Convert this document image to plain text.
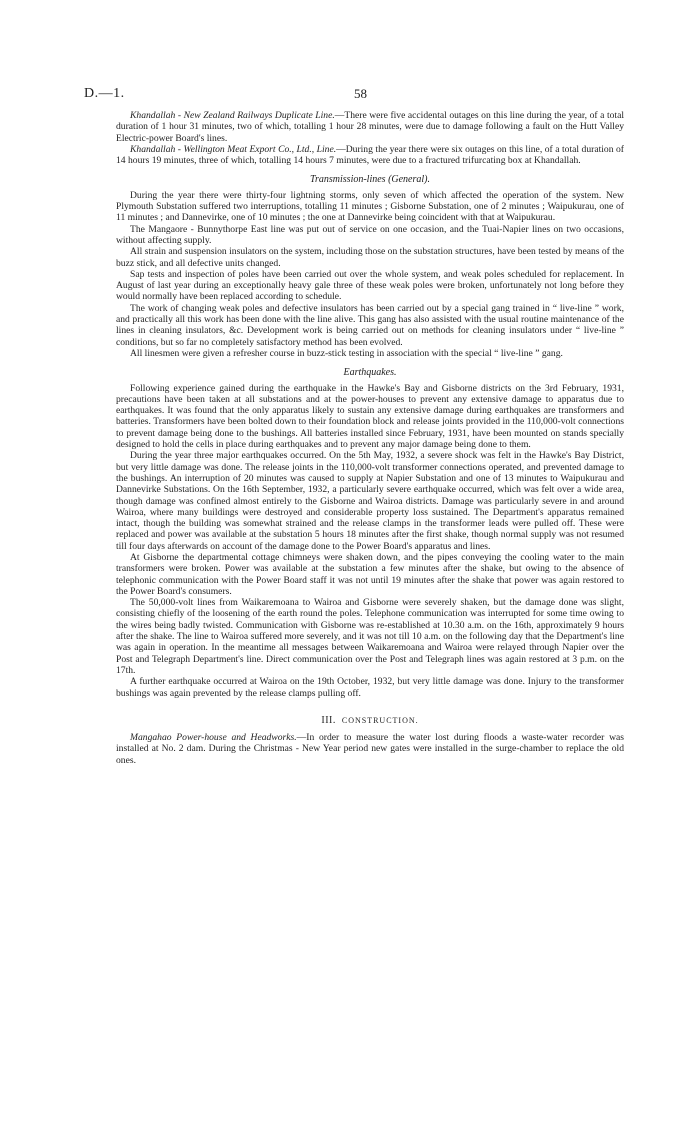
D.—1.	58

Khandallah - New Zealand Railways Duplicate Line.—There were five accidental outages on this line during the year, of a total duration of 1 hour 31 minutes, two of which, totalling 1 hour 28 minutes, were due to damage following a fault on the Hutt Valley Electric-power Board's lines.

Khandallah - Wellington Meat Export Co., Ltd., Line.—During the year there were six outages on this line, of a total duration of 14 hours 19 minutes, three of which, totalling 14 hours 7 minutes, were due to a fractured trifurcating box at Khandallah.

Transmission-lines (General).

During the year there were thirty-four lightning storms, only seven of which affected the operation of the system. New Plymouth Substation suffered two interruptions, totalling 11 minutes ; Gisborne Substation, one of 2 minutes ; Waipukurau, one of 11 minutes ; and Dannevirke, one of 10 minutes ; the one at Dannevirke being coincident with that at Waipukurau.

The Mangaore - Bunnythorpe East line was put out of service on one occasion, and the Tuai-Napier lines on two occasions, without affecting supply.

All strain and suspension insulators on the system, including those on the substation structures, have been tested by means of the buzz stick, and all defective units changed.

Sap tests and inspection of poles have been carried out over the whole system, and weak poles scheduled for replacement. In August of last year during an exceptionally heavy gale three of these weak poles were broken, unfortunately not long before they would normally have been replaced according to schedule.

The work of changing weak poles and defective insulators has been carried out by a special gang trained in “ live-line ” work, and practically all this work has been done with the line alive. This gang has also assisted with the usual routine maintenance of the lines in cleaning insulators, &c. Development work is being carried out on methods for cleaning insulators under “ live-line ” conditions, but so far no completely satisfactory method has been evolved.

All linesmen were given a refresher course in buzz-stick testing in association with the special “ live-line ” gang.

Earthquakes.

Following experience gained during the earthquake in the Hawke's Bay and Gisborne districts on the 3rd February, 1931, precautions have been taken at all substations and at the power-houses to prevent any extensive damage to apparatus due to earthquakes. It was found that the only apparatus likely to sustain any extensive damage during earthquakes are transformers and batteries. Transformers have been bolted down to their foundation block and release joints provided in the 110,000-volt connections to prevent damage being done to the bushings. All batteries installed since February, 1931, have been mounted on stands specially designed to hold the cells in place during earthquakes and to prevent any major damage being done to them.

During the year three major earthquakes occurred. On the 5th May, 1932, a severe shock was felt in the Hawke's Bay District, but very little damage was done. The release joints in the 110,000-volt transformer connections operated, and prevented damage to the bushings. An interruption of 20 minutes was caused to supply at Napier Substation and one of 13 minutes to Waipukurau and Dannevirke Substations. On the 16th September, 1932, a particularly severe earthquake occurred, which was felt over a wide area, though damage was confined almost entirely to the Gisborne and Wairoa districts. Damage was particularly severe in and around Wairoa, where many buildings were destroyed and considerable property loss sustained. The Department's apparatus remained intact, though the building was somewhat strained and the release clamps in the transformer leads were pulled off. These were replaced and power was available at the substation 5 hours 18 minutes after the first shake, though normal supply was not resumed till four days afterwards on account of the damage done to the Power Board's apparatus and lines.

At Gisborne the departmental cottage chimneys were shaken down, and the pipes conveying the cooling water to the main transformers were broken. Power was available at the substation a few minutes after the shake, but owing to the absence of telephonic communication with the Power Board staff it was not until 19 minutes after the shake that power was again restored to the Power Board's consumers.

The 50,000-volt lines from Waikaremoana to Wairoa and Gisborne were severely shaken, but the damage done was slight, consisting chiefly of the loosening of the earth round the poles. Telephone communication was interrupted for some time owing to the wires being badly twisted. Communication with Gisborne was re-established at 10.30 a.m. on the 16th, approximately 9 hours after the shake. The line to Wairoa suffered more severely, and it was not till 10 a.m. on the following day that the Department's line was again in operation. In the meantime all messages between Waikaremoana and Wairoa were relayed through Napier over the Post and Telegraph Department's line. Direct communication over the Post and Telegraph lines was again restored at 3 p.m. on the 17th.

A further earthquake occurred at Wairoa on the 19th October, 1932, but very little damage was done. Injury to the transformer bushings was again prevented by the release clamps pulling off.

III. CONSTRUCTION.

Mangahao Power-house and Headworks.—In order to measure the water lost during floods a waste-water recorder was installed at No. 2 dam. During the Christmas - New Year period new gates were installed in the surge-chamber to replace the old ones.
